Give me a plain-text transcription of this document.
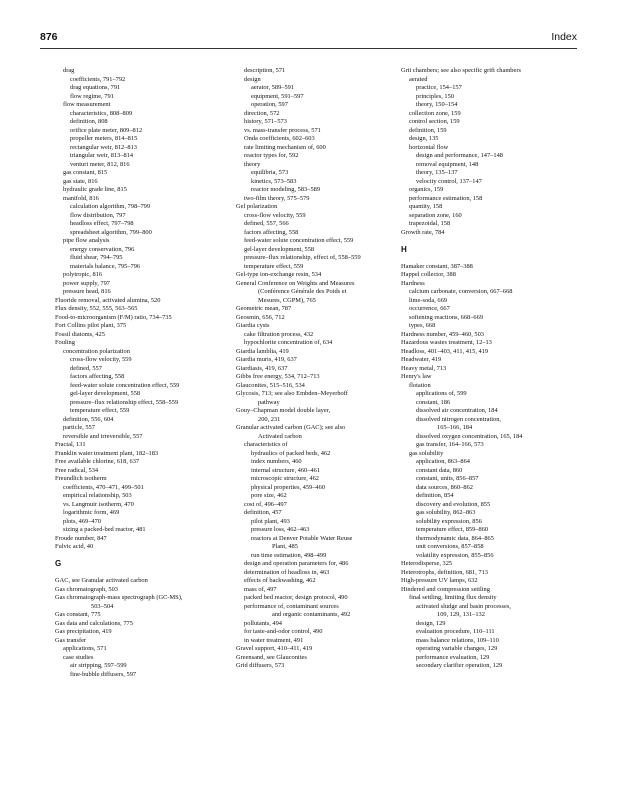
876	Index
drag
coefficients, 791–792
drag equations, 791
flow regime, 791
flow measurement
characteristics, 808–809
definition, 808
orifice plate meter, 809–812
propeller meters, 814–815
rectangular weir, 812–813
triangular weir, 813–814
venturi meter, 812, 816
gas constant, 815
gas state, 816
hydraulic grade line, 815
manifold, 816
calculation algorithm, 798–799
flow distribution, 797
headloss effect, 797–798
spreadsheet algorithm, 799–800
pipe flow analysis
energy conservation, 796
fluid shear, 794–795
materials balance, 795–796
polytropic, 816
power supply, 797
pressure head, 816
Fluoride removal, activated alumina, 520
Flux density, 552, 555, 563–565
Food-to-microorganism (F/M) ratio, 734–735
Fort Collins pilot plant, 375
Fossil diatoms, 425
Fouling
concentration polarization
cross-flow velocity, 559
defined, 557
factors affecting, 558
feed-water solute concentration effect, 559
gel-layer development, 558
pressure–flux relationship effect, 558–559
temperature effect, 559
definition, 556, 604
particle, 557
reversible and irreversible, 557
Fractal, 131
Franklin water treatment plant, 182–183
Free available chlorine, 618, 637
Free radical, 534
Freundlich isotherm
coefficients, 470–471, 499–501
empirical relationship, 503
vs. Langmuir isotherm, 470
logarithmic form, 469
plots, 469–470
sizing a packed-bed reactor, 481
Froude number, 847
Fulvic acid, 40
G
GAC, see Granular activated carbon
Gas chromatograph, 503
Gas chromatograph-mass spectrograph (GC-MS),
503–504
Gas constant, 775
Gas data and calculations, 775
Gas precipitation, 419
Gas transfer
applications, 571
case studies
air stripping, 597–599
fine-bubble diffusers, 597
description, 571
design
aerator, 589–591
equipment, 591–597
operation, 597
direction, 572
history, 571–573
vs. mass-transfer process, 571
Onda coefficients, 602–603
rate limiting mechanism of, 600
reactor types for, 592
theory
equilibria, 573
kinetics, 573–583
reactor modeling, 583–589
two-film theory, 575–579
Gel polarization
cross-flow velocity, 559
defined, 557, 566
factors affecting, 558
feed-water solute concentration effect, 559
gel-layer development, 558
pressure–flux relationship, effect of, 558–559
temperature effect, 559
Gel-type ion-exchange resin, 534
General Conference on Weights and Measures
(Conférence Générale des Poids et
Mesures, CGPM), 765
Geometric mean, 787
Geosmin, 656, 712
Giardia cysts
cake filtration process, 432
hypochlorite concentration of, 634
Giardia lamblia, 419
Giardia muris, 419, 637
Giardiasis, 419, 637
Gibbs free energy, 534, 712–713
Glauconites, 515–516, 534
Glycosis, 713; see also Embden–Meyerhoff
pathway
Gouy–Chapman model double layer,
200, 231
Granular activated carbon (GAC); see also
Activated carbon
characteristics of
hydraulics of packed beds, 462
index numbers, 460
internal structure, 460–461
microscopic structure, 462
physical properties, 459–460
pore size, 462
cost of, 496–497
definition, 457
pilot plant, 493
pressure loss, 462–463
reactors at Denver Potable Water Reuse
Plant, 485
run time estimation, 498–499
design and operation parameters for, 486
determination of headloss in, 463
effects of backwashing, 462
mass of, 497
packed bed reactor, design protocol, 490
performance of, contaminant sources
and organic contaminants, 492
pollutants, 494
for taste-and-odor control, 490
in water treatment, 491
Gravel support, 410–411, 419
Greensand, see Glauconites
Grid diffusers, 573
Grit chambers; see also specific grift chambers
aerated
practice, 154–157
principles, 150
theory, 150–154
collection zone, 159
control section, 159
definition, 159
design, 135
horizontal flow
design and performance, 147–148
removal equipment, 148
theory, 135–137
velocity control, 137–147
organics, 159
performance estimation, 158
quantity, 158
separation zone, 160
trapezoidal, 158
Growth rate, 784
H
Hamaker constant, 387–388
Happel collector, 388
Hardness
calcium carbonate, conversion, 667–668
lime-soda, 669
occurrence, 667
softening reactions, 668–669
types, 668
Hardness number, 459–460, 503
Hazardous wastes treatment, 12–13
Headloss, 401–403, 411, 415, 419
Headwater, 419
Heavy metal, 713
Henry's law
flotation
applications of, 599
constant, 186
dissolved air concentration, 184
dissolved nitrogen concentration,
165–166, 184
dissolved oxygen concentration, 165, 184
gas transfer, 164–166, 573
gas solubility
application, 863–864
constant data, 860
constant, units, 856–857
data sources, 860–862
definition, 854
discovery and evolution, 855
gas solubility, 862–863
solubility expression, 856
temperature effect, 859–860
thermodynamic data, 864–865
unit conversions, 857–858
volatility expression, 855–856
Heterodisperse, 325
Heterotrophs, definition, 681, 713
High-pressure UV lamps, 632
Hindered and compression settling
final settling, limiting flux density
activated sludge and basin processes,
109, 129, 131–132
design, 129
evaluation procedure, 110–111
mass balance relations, 109–110
operating variable changes, 129
performance evaluation, 129
secondary clarifier operation, 129
